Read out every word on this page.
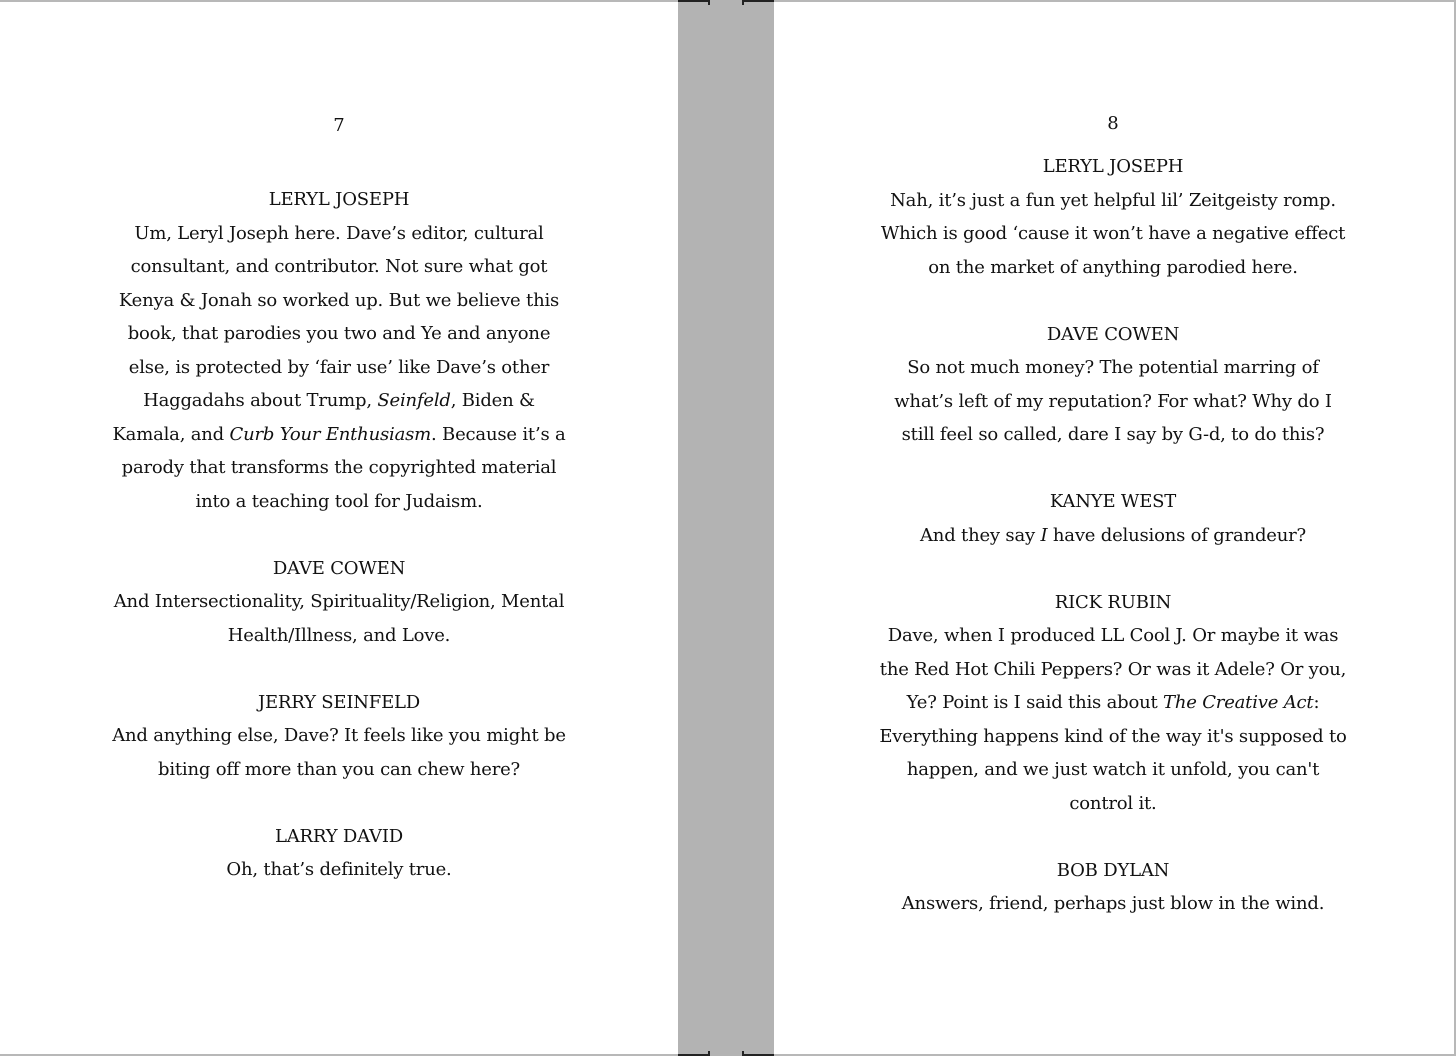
7
LERYL JOSEPH
Um, Leryl Joseph here. Dave’s editor, cultural
consultant, and contributor. Not sure what got
Kenya & Jonah so worked up. But we believe this
book, that parodies you two and Ye and anyone
else, is protected by ‘fair use’ like Dave’s other
Haggadahs about Trump, Seinfeld, Biden &
Kamala, and Curb Your Enthusiasm. Because it’s a
parody that transforms the copyrighted material
into a teaching tool for Judaism.
DAVE COWEN
And Intersectionality, Spirituality/Religion, Mental
Health/Illness, and Love.
JERRY SEINFELD
And anything else, Dave? It feels like you might be
biting off more than you can chew here?
LARRY DAVID
Oh, that’s definitely true.
8
LERYL JOSEPH
Nah, it’s just a fun yet helpful lil’ Zeitgeisty romp.
Which is good ‘cause it won’t have a negative effect
on the market of anything parodied here.
DAVE COWEN
So not much money? The potential marring of
what’s left of my reputation? For what? Why do I
still feel so called, dare I say by G-d, to do this?
KANYE WEST
And they say I have delusions of grandeur?
RICK RUBIN
Dave, when I produced LL Cool J. Or maybe it was
the Red Hot Chili Peppers? Or was it Adele? Or you,
Ye? Point is I said this about The Creative Act:
Everything happens kind of the way it's supposed to
happen, and we just watch it unfold, you can't
control it.
BOB DYLAN
Answers, friend, perhaps just blow in the wind.
